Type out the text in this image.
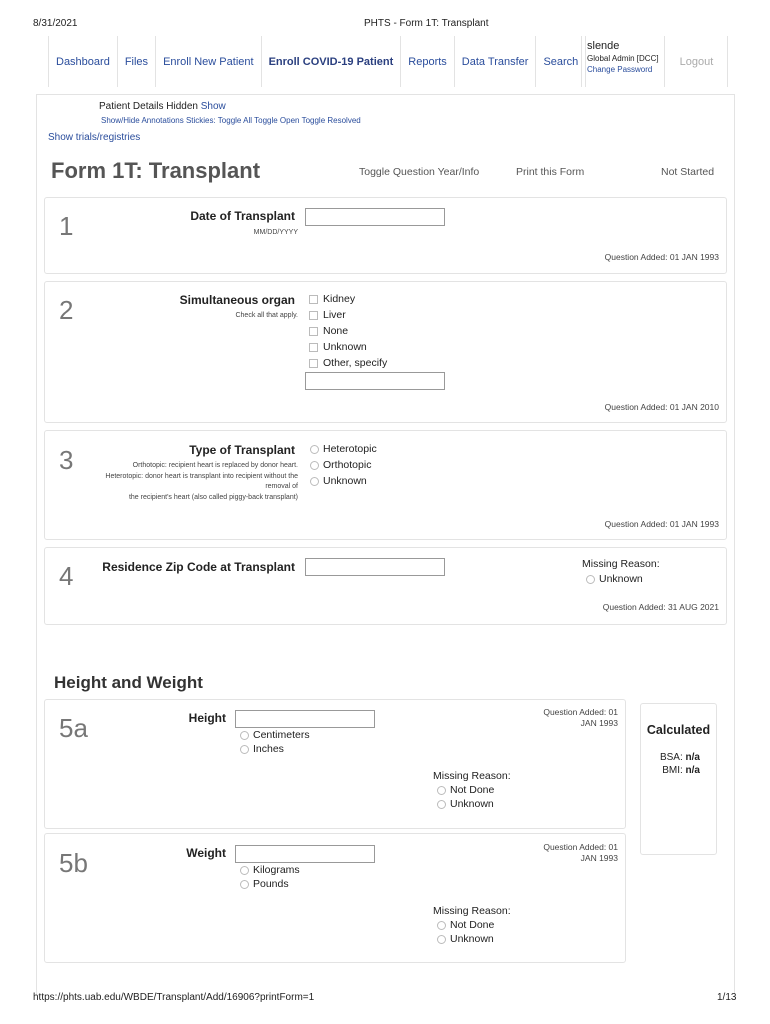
8/31/2021	PHTS - Form 1T: Transplant
Dashboard	Files	Enroll New Patient	Enroll COVID-19 Patient	Reports	Data Transfer	Search
slende
Global Admin [DCC]
Change Password
Logout
Patient Details Hidden Show
Show/Hide Annotations Stickies: Toggle All Toggle Open Toggle Resolved
Show trials/registries
Form 1T: Transplant	Toggle Question Year/Info	Print this Form	Not Started
1	Date of Transplant
MM/DD/YYYY
Question Added: 01 JAN 1993
2	Simultaneous organ
Check all that apply.
Kidney
Liver
None
Unknown
Other, specify
Question Added: 01 JAN 2010
3	Type of Transplant
Orthotopic: recipient heart is replaced by donor heart.
Heterotopic: donor heart is transplant into recipient without the
removal of
the recipient's heart (also called piggy-back transplant)
Heterotopic
Orthotopic
Unknown
Question Added: 01 JAN 1993
4	Residence Zip Code at Transplant	Missing Reason:
Unknown
Question Added: 31 AUG 2021
Height and Weight
5a	Height
Centimeters
Inches
Missing Reason:
Not Done
Unknown
Question Added: 01
JAN 1993
5b	Weight
Kilograms
Pounds
Missing Reason:
Not Done
Unknown
Question Added: 01
JAN 1993
Calculated
BSA: n/a
BMI: n/a
https://phts.uab.edu/WBDE/Transplant/Add/16906?printForm=1	1/13
